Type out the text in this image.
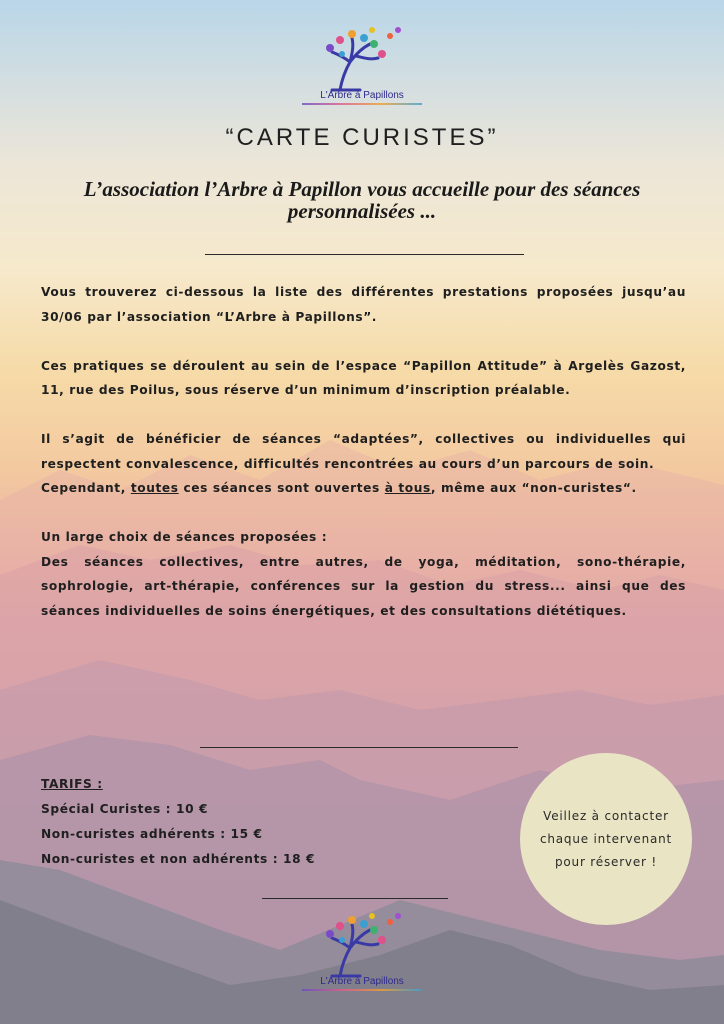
L'Arbre à Papillons
“CARTE CURISTES”
L’association l’Arbre à Papillon vous accueille pour des séances personnalisées ...

Vous trouverez ci-dessous la liste des différentes prestations proposées jusqu’au 30/06 par l’association “L’Arbre à Papillons”.

Ces pratiques se déroulent au sein de l’espace “Papillon Attitude” à Argelès Gazost, 11, rue des Poilus, sous réserve d’un minimum d’inscription préalable.

Il s’agit de bénéficier de séances “adaptées”, collectives ou individuelles qui respectent convalescence, difficultés rencontrées au cours d’un parcours de soin.

Cependant, toutes ces séances sont ouvertes à tous, même aux “non-curistes“.

Un large choix de séances proposées :

Des séances collectives, entre autres, de yoga, méditation, sono-thérapie, sophrologie, art-thérapie, conférences sur la gestion du stress... ainsi que des séances individuelles de soins énergétiques, et des consultations diététiques.

TARIFS :
Spécial Curistes : 10 €
Non-curistes adhérents : 15 €
Non-curistes et non adhérents : 18 €
Veillez à contacter chaque intervenant pour réserver !
L'Arbre à Papillons
